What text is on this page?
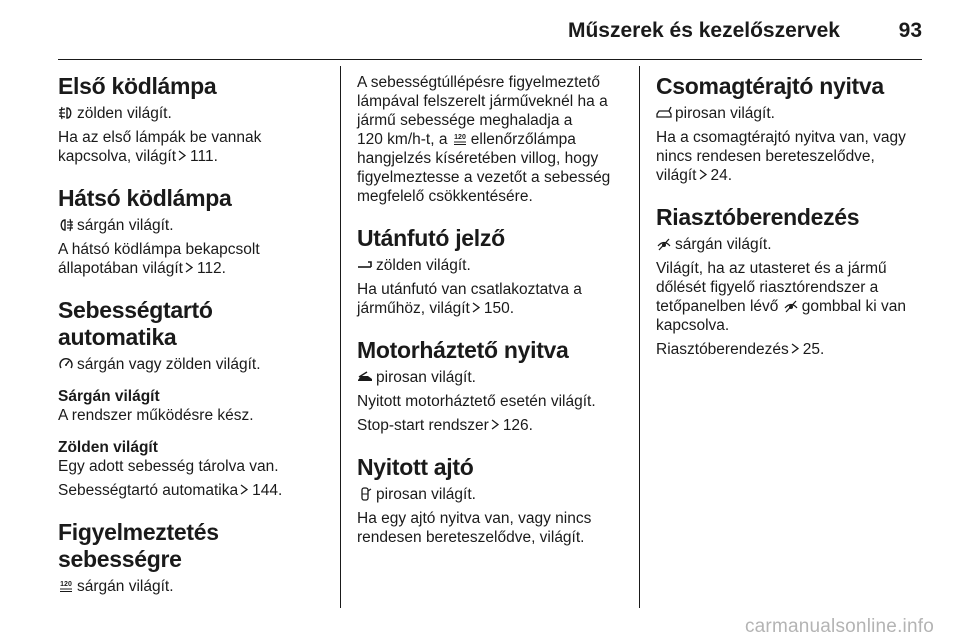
Műszerek és kezelőszervek	93
Első ködlámpa

zölden világít.

Ha az első lámpák be vannak
kapcsolva, világít 111.

Hátsó ködlámpa

sárgán világít.

A hátsó ködlámpa bekapcsolt
állapotában világít 112.

Sebességtartó automatika

sárgán vagy zölden világít.

Sárgán világít

A rendszer működésre kész.

Zölden világít

Egy adott sebesség tárolva van.

Sebességtartó automatika 144.

Figyelmeztetés
sebességre

120 sárgán világít.

A sebességtúllépésre figyelmeztető
lámpával felszerelt járműveknél ha a
jármű sebessége meghaladja a
120 km/h-t, a 120 ellenőrzőlámpa
hangjelzés kíséretében villog, hogy
figyelmeztesse a vezetőt a sebesség
megfelelő csökkentésére.

Utánfutó jelző

zölden világít.

Ha utánfutó van csatlakoztatva a
járműhöz, világít 150.

Motorháztető nyitva

pirosan világít.

Nyitott motorháztető esetén világít.

Stop-start rendszer 126.

Nyitott ajtó

pirosan világít.

Ha egy ajtó nyitva van, vagy nincs
rendesen bereteszelődve, világít.

Csomagtérajtó nyitva

pirosan világít.

Ha a csomagtérajtó nyitva van, vagy
nincs rendesen bereteszelődve,
világít 24.

Riasztóberendezés

sárgán világít.

Világít, ha az utasteret és a jármű
dőlését figyelő riasztórendszer a
tetőpanelben lévő gombbal ki van
kapcsolva.

Riasztóberendezés 25.

carmanualsonline.info
